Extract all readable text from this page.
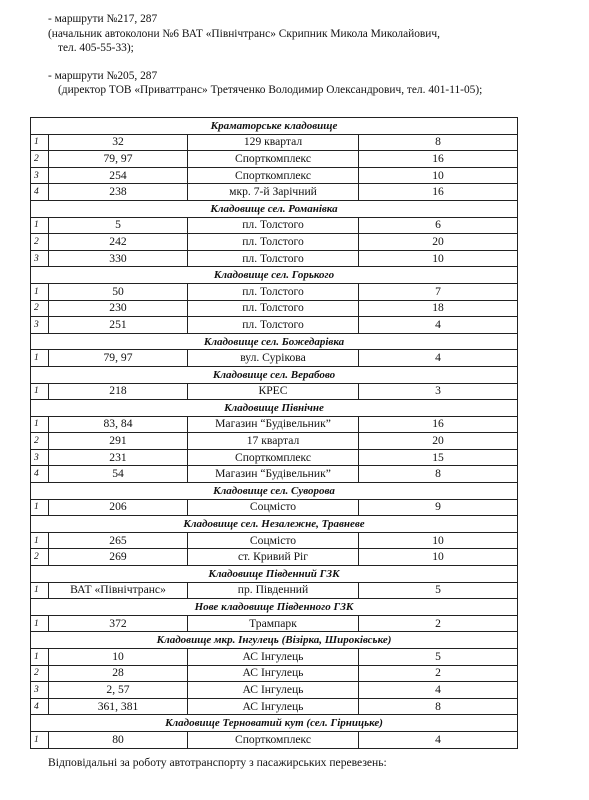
- маршрути №217, 287

(начальник автоколони №6 ВАТ «Північтранс» Скрипник Микола Миколайович,

тел. 405-55-33);

- маршрути №205, 287

(директор ТОВ «Приваттранс» Третяченко Володимир Олександрович, тел. 401-11-05);

Краматорське кладовище			
1	32	129 квартал	8
2	79, 97	Спорткомплекс	16
3	254	Спорткомплекс	10
4	238	мкр. 7-й Зарічний	16
Кладовище сел. Романівка			
1	5	пл. Толстого	6
2	242	пл. Толстого	20
3	330	пл. Толстого	10
Кладовище сел. Горького			
1	50	пл. Толстого	7
2	230	пл. Толстого	18
3	251	пл. Толстого	4
Кладовище сел. Божедарівка			
1	79, 97	вул. Сурікова	4
Кладовище сел. Верабово			
1	218	КРЕС	3
Кладовище Північне			
1	83, 84	Магазин “Будівельник”	16
2	291	17 квартал	20
3	231	Спорткомплекс	15
4	54	Магазин “Будівельник”	8
Кладовище сел. Суворова			
1	206	Соцмісто	9
Кладовище сел. Незалежне, Травневе			
1	265	Соцмісто	10
2	269	ст. Кривий Ріг	10
Кладовище Південний ГЗК			
1	ВАТ «Північтранс»	пр. Південний	5
Нове кладовище Південного ГЗК			
1	372	Трампарк	2
Кладовище мкр. Інгулець (Візірка, Широківське)			
1	10	АС Інгулець	5
2	28	АС Інгулець	2
3	2, 57	АС Інгулець	4
4	361, 381	АС Інгулець	8
Кладовище Терноватий кут (сел. Гірницьке)			
1	80	Спорткомплекс	4
Відповідальні за роботу автотранспорту з пасажирських перевезень:
